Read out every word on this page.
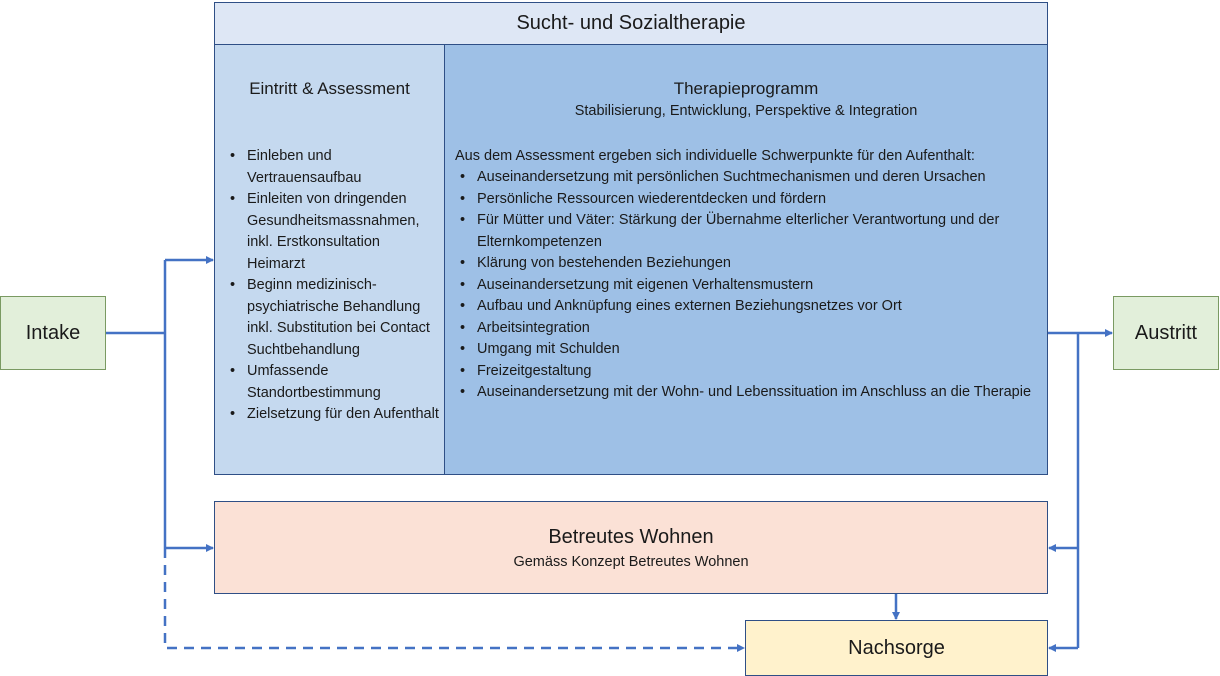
Sucht- und Sozialtherapie
Eintritt & Assessment
• Einleben und Vertrauensaufbau
• Einleiten von dringenden Gesundheitsmassnahmen, inkl. Erstkonsultation Heimarzt
• Beginn medizinisch-psychiatrische Behandlung inkl. Substitution bei Contact Suchtbehandlung
• Umfassende Standortbestimmung
• Zielsetzung für den Aufenthalt
Therapieprogramm
Stabilisierung, Entwicklung, Perspektive & Integration
Aus dem Assessment ergeben sich individuelle Schwerpunkte für den Aufenthalt:
• Auseinandersetzung mit persönlichen Suchtmechanismen und deren Ursachen
• Persönliche Ressourcen wiederentdecken und fördern
• Für Mütter und Väter: Stärkung der Übernahme elterlicher Verantwortung und der Elternkompetenzen
• Klärung von bestehenden Beziehungen
• Auseinandersetzung mit eigenen Verhaltensmustern
• Aufbau und Anknüpfung eines externen Beziehungsnetzes vor Ort
• Arbeitsintegration
• Umgang mit Schulden
• Freizeitgestaltung
• Auseinandersetzung mit der Wohn- und Lebenssituation im Anschluss an die Therapie
Intake	Austritt
Betreutes Wohnen
Gemäss Konzept Betreutes Wohnen
Nachsorge
